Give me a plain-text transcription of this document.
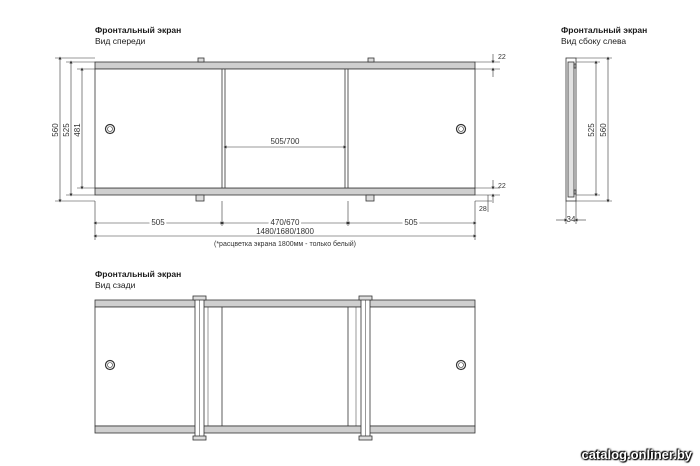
Фронтальный экран
Вид спереди
Фронтальный экран
Вид сбоку слева
Фронтальный экран
Вид сзади
560 525 481
22
22
28
505/700
505	470/670	505
1480/1680/1800
(*расцветка экрана 1800мм - только белый)
525 560
34
catalog.onliner.by
